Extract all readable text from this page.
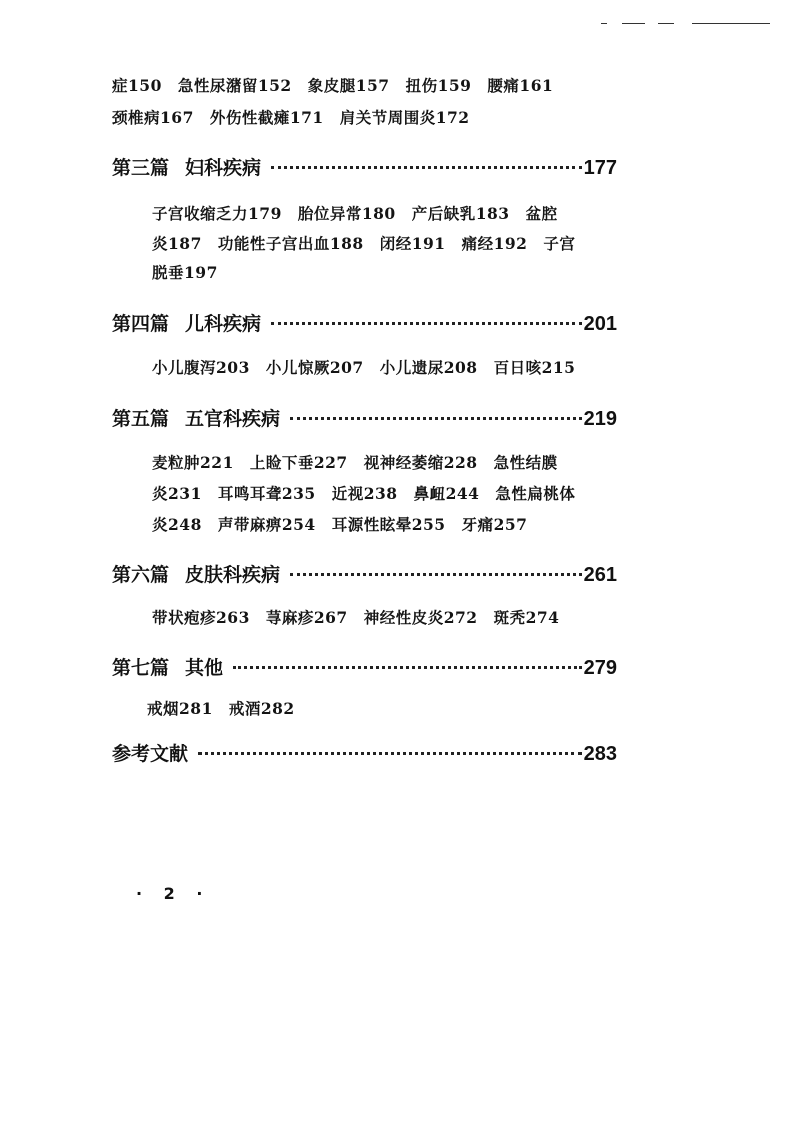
症150　急性尿潴留152　象皮腿157　扭伤159　腰痛161
颈椎病167　外伤性截瘫171　肩关节周围炎172
第三篇 妇科疾病	177
子宫收缩乏力179　胎位异常180　产后缺乳183　盆腔
炎187　功能性子宫出血188　闭经191　痛经192　子宫
脱垂197
第四篇 儿科疾病	201
小儿腹泻203　小儿惊厥207　小儿遗尿208　百日咳215
第五篇 五官科疾病	219
麦粒肿221　上睑下垂227　视神经萎缩228　急性结膜
炎231　耳鸣耳聋235　近视238　鼻衄244　急性扁桃体
炎248　声带麻痹254　耳源性眩晕255　牙痛257
第六篇 皮肤科疾病	261
带状疱疹263　荨麻疹267　神经性皮炎272　斑秃274
第七篇 其他	279
戒烟281　戒酒282
参考文献	283
· 2 ·
